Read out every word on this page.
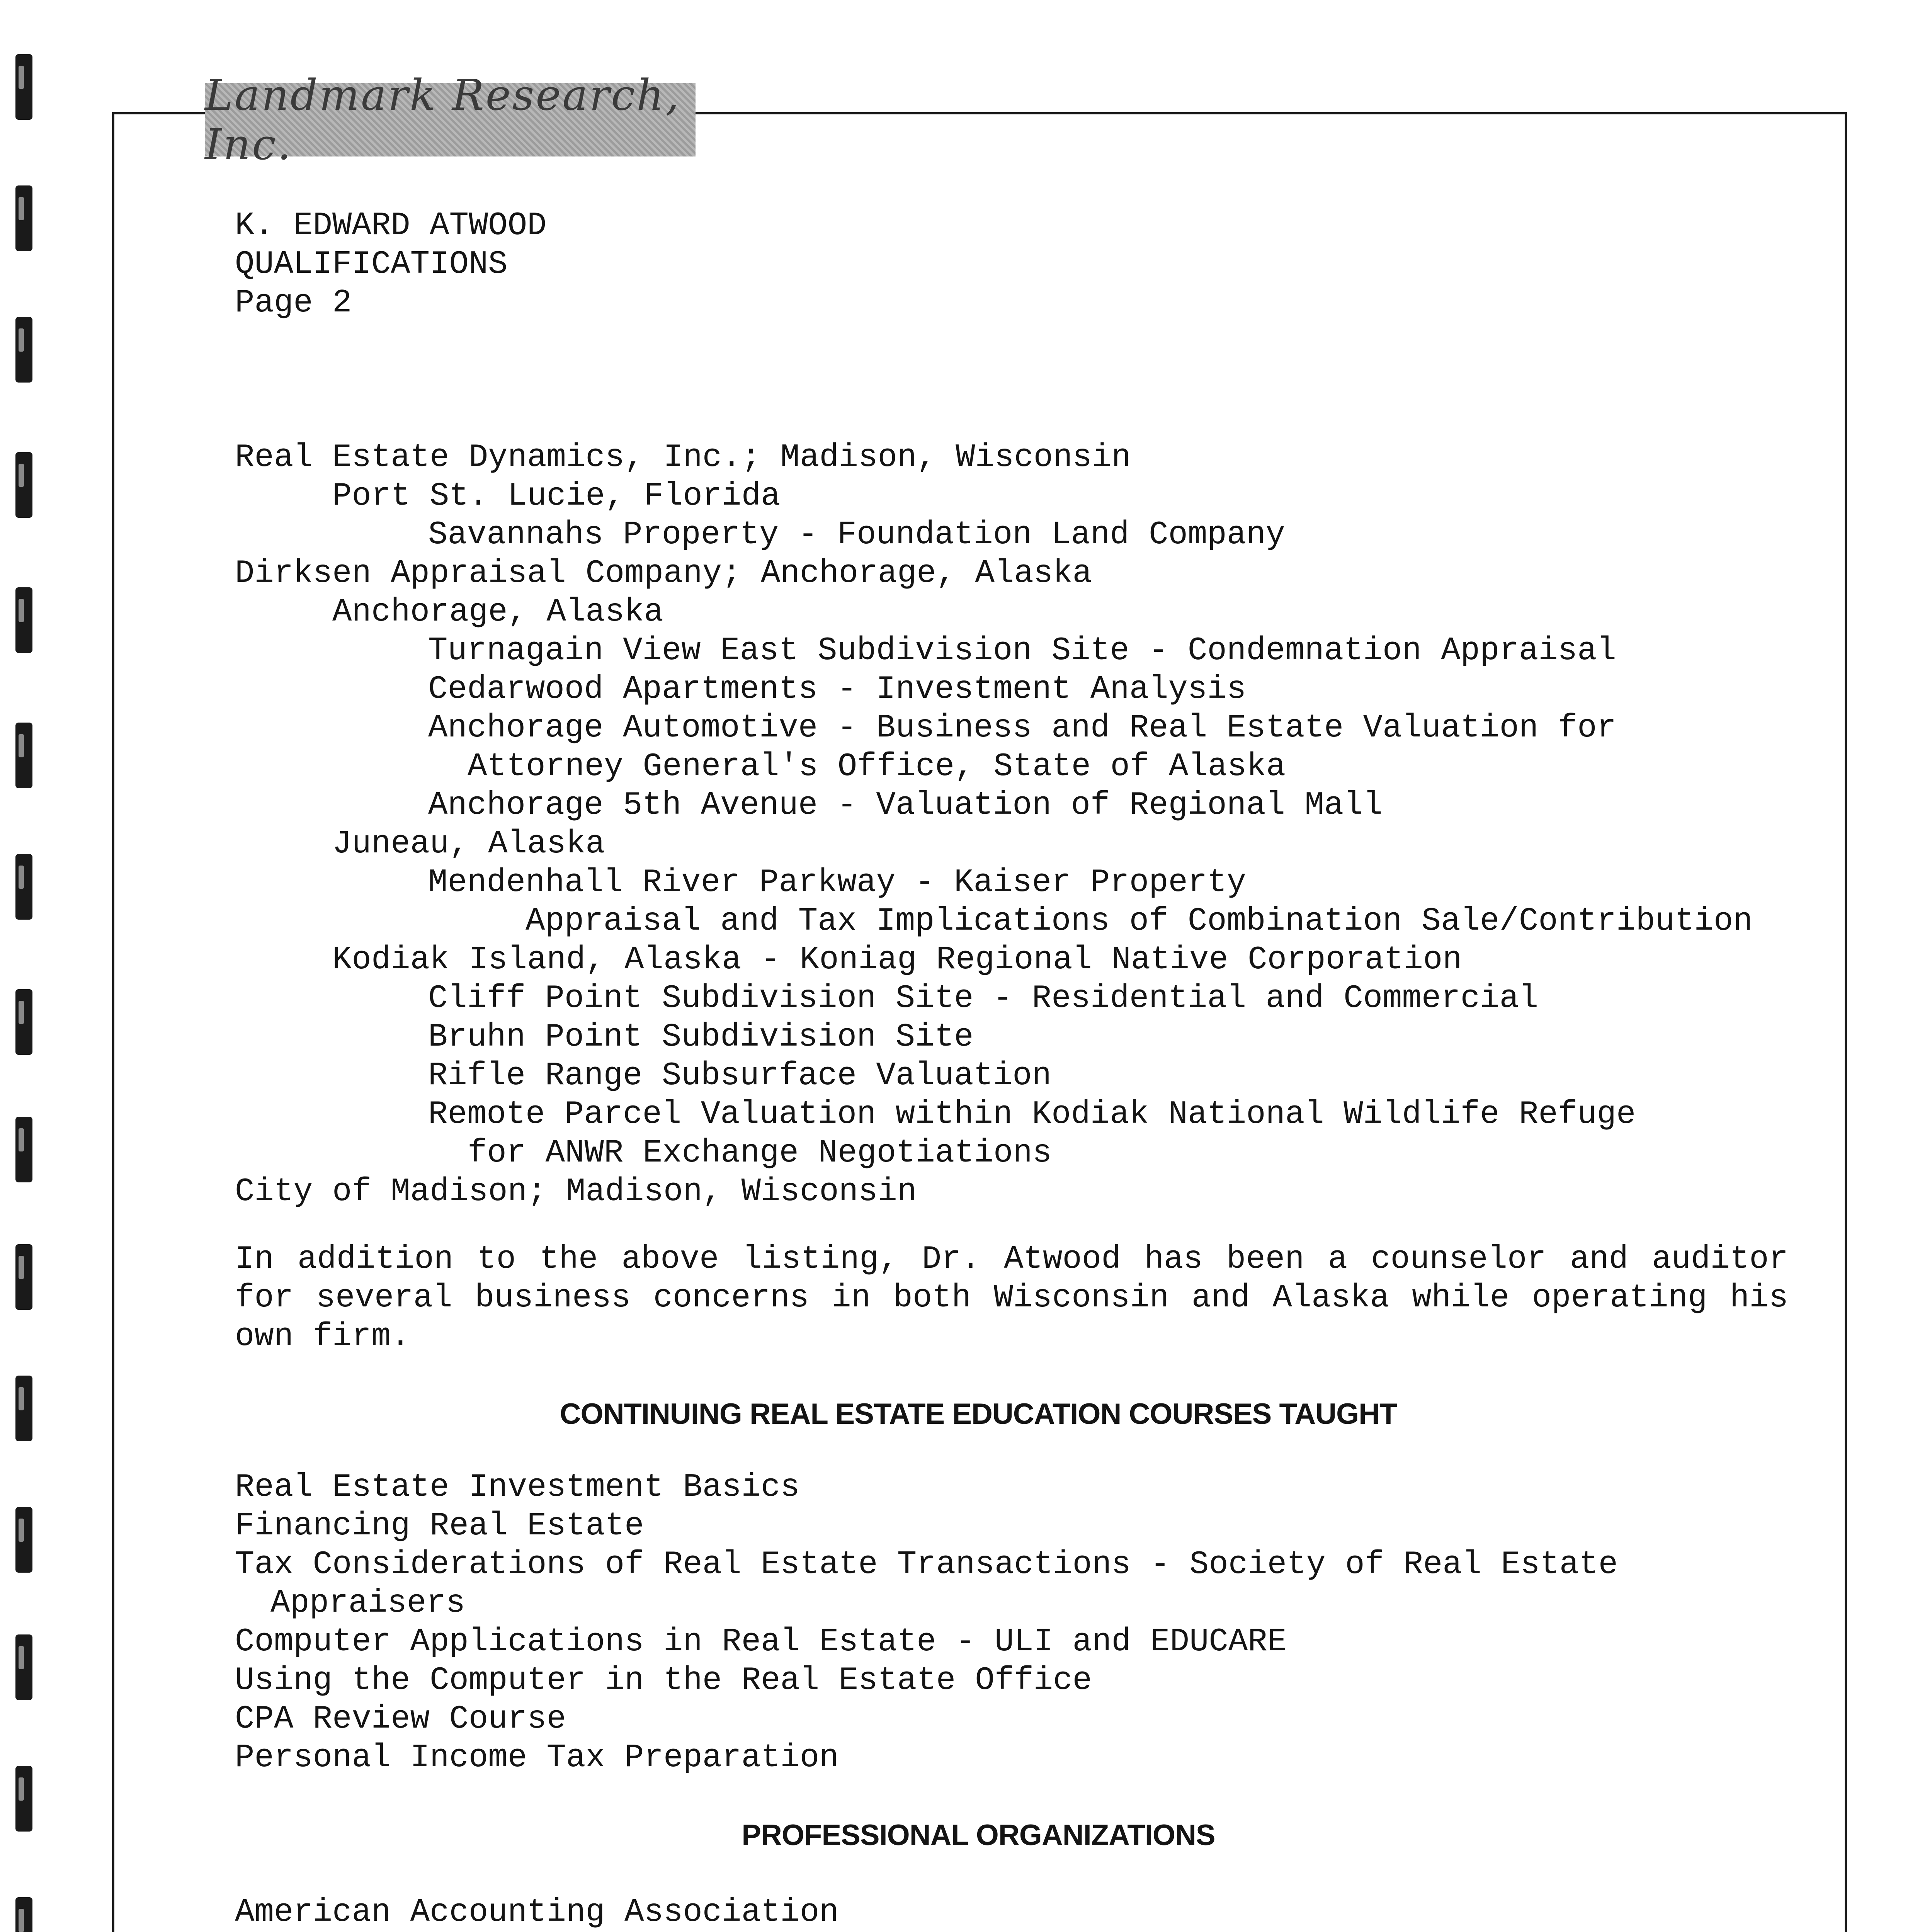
Landmark Research, Inc.
K. EDWARD ATWOOD
QUALIFICATIONS
Page 2
Real Estate Dynamics, Inc.; Madison, Wisconsin
Port St. Lucie, Florida
Savannahs Property - Foundation Land Company
Dirksen Appraisal Company; Anchorage, Alaska
Anchorage, Alaska
Turnagain View East Subdivision Site - Condemnation Appraisal
Cedarwood Apartments - Investment Analysis
Anchorage Automotive - Business and Real Estate Valuation for
Attorney General's Office, State of Alaska
Anchorage 5th Avenue - Valuation of Regional Mall
Juneau, Alaska
Mendenhall River Parkway - Kaiser Property
Appraisal and Tax Implications of Combination Sale/Contribution
Kodiak Island, Alaska - Koniag Regional Native Corporation
Cliff Point Subdivision Site - Residential and Commercial
Bruhn Point Subdivision Site
Rifle Range Subsurface Valuation
Remote Parcel Valuation within Kodiak National Wildlife Refuge
for ANWR Exchange Negotiations
City of Madison; Madison, Wisconsin
In addition to the above listing, Dr. Atwood has been a counselor and auditor for several business concerns in both Wisconsin and Alaska while operating his own firm.
CONTINUING REAL ESTATE EDUCATION COURSES TAUGHT
Real Estate Investment Basics
Financing Real Estate
Tax Considerations of Real Estate Transactions - Society of Real Estate
Appraisers
Computer Applications in Real Estate - ULI and EDUCARE
Using the Computer in the Real Estate Office
CPA Review Course
Personal Income Tax Preparation
PROFESSIONAL ORGANIZATIONS
American Accounting Association
